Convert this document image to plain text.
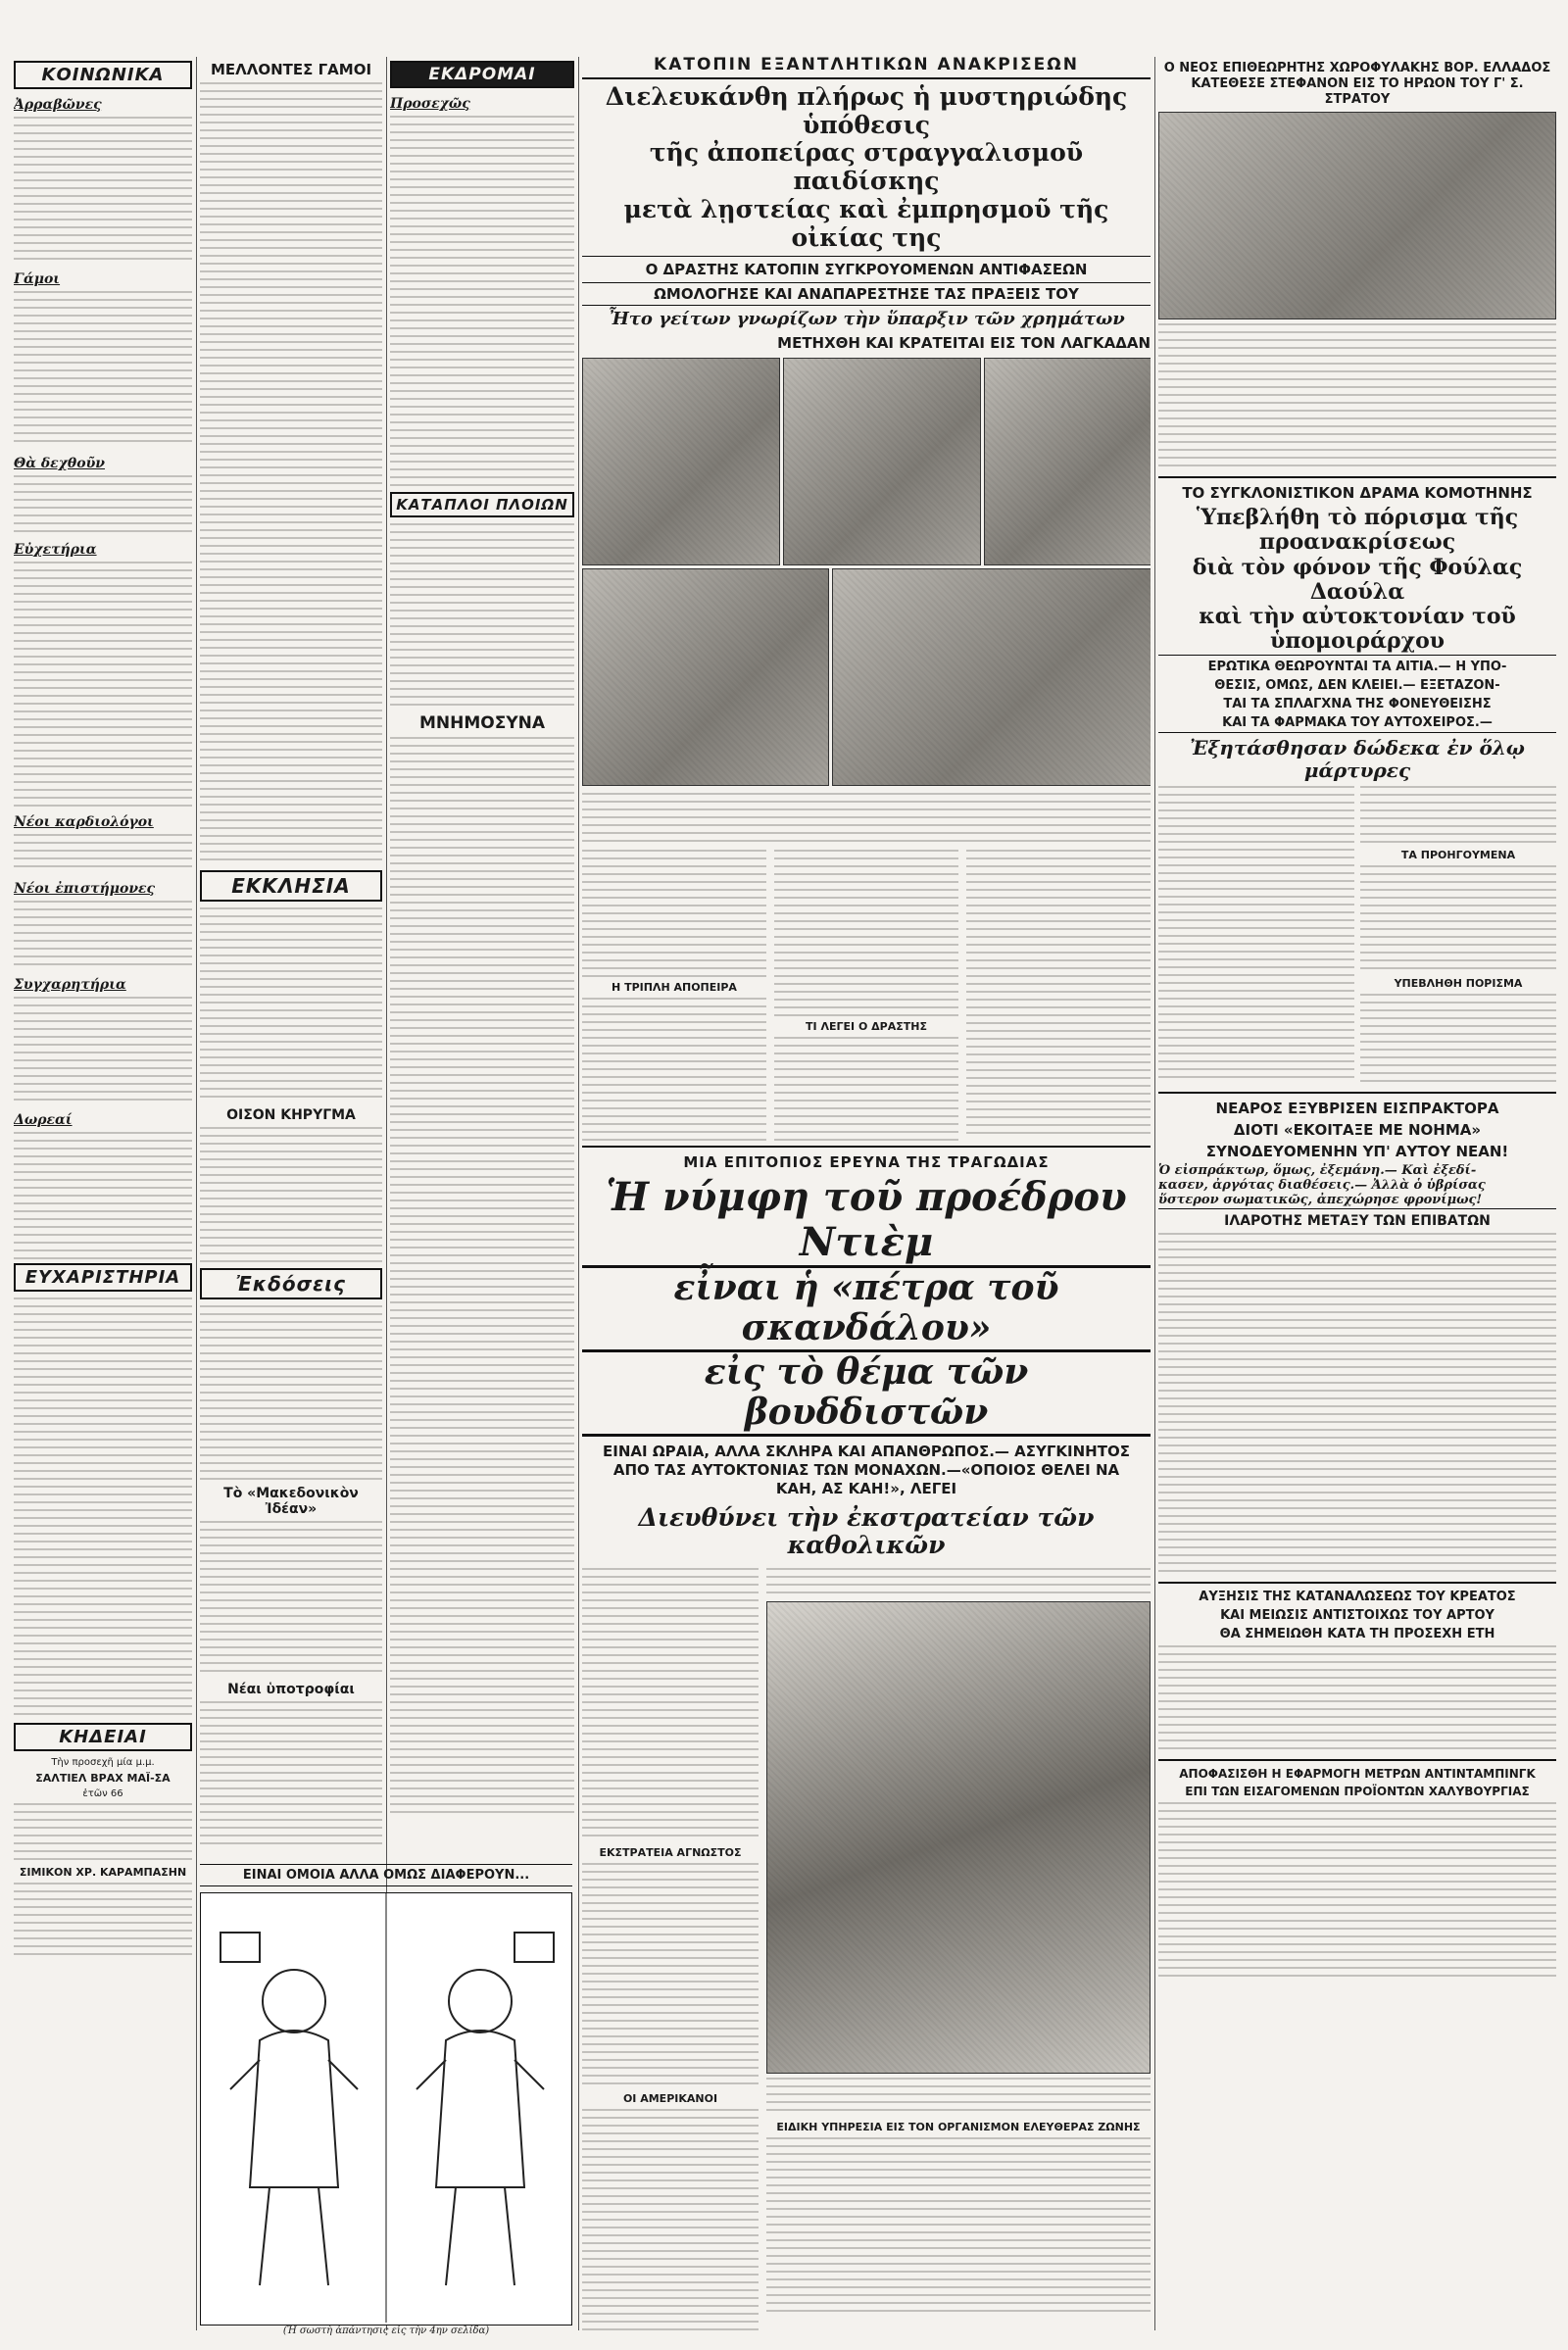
ΚΟΙΝΩΝΙΚΑ
Ἀρραβῶνες
Γάμοι
Θὰ δεχθοῦν
Εὐχετήρια
Νέοι καρδιολόγοι
Νέοι ἐπιστήμονες
Συγχαρητήρια
Δωρεαί
ΕΥΧΑΡΙΣΤΗΡΙΑ
ΚΗΔΕΙΑΙ
Τὴν προσεχῆ μία μ.μ.
ΣΑΛΤΙΕΛ ΒΡΑΧ ΜΑΪ-ΣΑ
ἐτῶν 66
ΣΙΜΙΚΟΝ ΧΡ. ΚΑΡΑΜΠΑΣΗΝ
ΜΕΛΛΟΝΤΕΣ ΓΑΜΟΙ
ΕΚΚΛΗΣΙΑ
ΟΙΣΟΝ ΚΗΡΥΓΜΑ
Ἐκδόσεις
Τὸ «Μακεδονικὸν Ἰδέαν»
Νέαι ὑποτροφίαι
ΕΙΝΑΙ ΟΜΟΙΑ ΑΛΛΑ ΟΜΩΣ ΔΙΑΦΕΡΟΥΝ...
(Ἡ σωστὴ ἀπάντησις εἰς τὴν 4ην σελίδα)
ΕΚΔΡΟΜΑΙ
Προσεχῶς
ΚΑΤΑΠΛΟΙ ΠΛΟΙΩΝ
ΜΝΗΜΟΣΥΝΑ
ΚΑΤΟΠΙΝ ΕΞΑΝΤΛΗΤΙΚΩΝ ΑΝΑΚΡΙΣΕΩΝ
Διελευκάνθη πλήρως ἡ μυστηριώδης ὑπόθεσις
τῆς ἀποπείρας στραγγαλισμοῦ παιδίσκης
μετὰ λῃστείας καὶ ἐμπρησμοῦ τῆς οἰκίας της
Ο ΔΡΑΣΤΗΣ ΚΑΤΟΠΙΝ ΣΥΓΚΡΟΥΟΜΕΝΩΝ ΑΝΤΙΦΑΣΕΩΝ
ΩΜΟΛΟΓΗΣΕ ΚΑΙ ΑΝΑΠΑΡΕΣΤΗΣΕ ΤΑΣ ΠΡΑΞΕΙΣ ΤΟΥ
Ἦτο γείτων γνωρίζων τὴν ὕπαρξιν τῶν χρημάτων
ΜΕΤΗΧΘΗ ΚΑΙ ΚΡΑΤΕΙΤΑΙ ΕΙΣ ΤΟΝ ΛΑΓΚΑΔΑΝ
Η ΤΡΙΠΛΗ ΑΠΟΠΕΙΡΑ
ΤΙ ΛΕΓΕΙ Ο ΔΡΑΣΤΗΣ
ΜΙΑ ΕΠΙΤΟΠΙΟΣ ΕΡΕΥΝΑ ΤΗΣ ΤΡΑΓΩΔΙΑΣ
Ἡ νύμφη τοῦ προέδρου Ντιὲμ
εἶναι ἡ «πέτρα τοῦ σκανδάλου»
εἰς τὸ θέμα τῶν βουδδιστῶν
ΕΙΝΑΙ ΩΡΑΙΑ, ΑΛΛΑ ΣΚΛΗΡΑ ΚΑΙ ΑΠΑΝΘΡΩΠΟΣ.— ΑΣΥΓΚΙΝΗΤΟΣ ΑΠΟ ΤΑΣ ΑΥΤΟΚΤΟΝΙΑΣ ΤΩΝ ΜΟΝΑΧΩΝ.—«ΟΠΟΙΟΣ ΘΕΛΕΙ ΝΑ ΚΑΗ, ΑΣ ΚΑΗ!», ΛΕΓΕΙ
Διευθύνει τὴν ἐκστρατείαν τῶν καθολικῶν
ΕΚΣΤΡΑΤΕΙΑ ΑΓΝΩΣΤΟΣ
ΟΙ ΑΜΕΡΙΚΑΝΟΙ
ΕΙΔΙΚΗ ΥΠΗΡΕΣΙΑ ΕΙΣ ΤΟΝ ΟΡΓΑΝΙΣΜΟΝ ΕΛΕΥΘΕΡΑΣ ΖΩΝΗΣ
Ο ΝΕΟΣ ΕΠΙΘΕΩΡΗΤΗΣ ΧΩΡΟΦΥΛΑΚΗΣ ΒΟΡ. ΕΛΛΑΔΟΣ ΚΑΤΕΘΕΣΕ ΣΤΕΦΑΝΟΝ ΕΙΣ ΤΟ ΗΡΩΟΝ ΤΟΥ Γ' Σ. ΣΤΡΑΤΟΥ
ΤΟ ΣΥΓΚΛΟΝΙΣΤΙΚΟΝ ΔΡΑΜΑ ΚΟΜΟΤΗΝΗΣ
Ὑπεβλήθη τὸ πόρισμα τῆς προανακρίσεως
διὰ τὸν φόνον τῆς Φούλας Δαούλα
καὶ τὴν αὐτοκτονίαν τοῦ ὑπομοιράρχου
ΕΡΩΤΙΚΑ ΘΕΩΡΟΥΝΤΑΙ ΤΑ ΑΙΤΙΑ.— Η ΥΠΟ-
ΘΕΣΙΣ, ΟΜΩΣ, ΔΕΝ ΚΛΕΙΕΙ.— ΕΞΕΤΑΖΟΝ-
ΤΑΙ ΤΑ ΣΠΛΑΓΧΝΑ ΤΗΣ ΦΟΝΕΥΘΕΙΣΗΣ
ΚΑΙ ΤΑ ΦΑΡΜΑΚΑ ΤΟΥ ΑΥΤΟΧΕΙΡΟΣ.—
Ἐξητάσθησαν δώδεκα ἐν ὅλῳ μάρτυρες
ΤΑ ΠΡΟΗΓΟΥΜΕΝΑ
ΥΠΕΒΛΗΘΗ ΠΟΡΙΣΜΑ
ΝΕΑΡΟΣ ΕΞΥΒΡΙΣΕΝ ΕΙΣΠΡΑΚΤΟΡΑ
ΔΙΟΤΙ «ΕΚΟΙΤΑΞΕ ΜΕ ΝΟΗΜΑ»
ΣΥΝΟΔΕΥΟΜΕΝΗΝ ΥΠ' ΑΥΤΟΥ ΝΕΑΝ!
Ὁ εἰσπράκτωρ, ὅμως, ἐξεμάνη.— Καὶ ἐξεδί-
κασεν, ἀργότας διαθέσεις.— Ἀλλὰ ὁ ὑβρίσας
ὕστερον σωματικῶς, ἀπεχώρησε φρονίμως!
ΙΛΑΡΟΤΗΣ ΜΕΤΑΞΥ ΤΩΝ ΕΠΙΒΑΤΩΝ
ΑΥΞΗΣΙΣ ΤΗΣ ΚΑΤΑΝΑΛΩΣΕΩΣ ΤΟΥ ΚΡΕΑΤΟΣ
ΚΑΙ ΜΕΙΩΣΙΣ ΑΝΤΙΣΤΟΙΧΩΣ ΤΟΥ ΑΡΤΟΥ
ΘΑ ΣΗΜΕΙΩΘΗ ΚΑΤΑ ΤΗ ΠΡΟΣΕΧΗ ΕΤΗ
ΑΠΟΦΑΣΙΣΘΗ Η ΕΦΑΡΜΟΓΗ ΜΕΤΡΩΝ ΑΝΤΙΝΤΑΜΠΙΝΓΚ
ΕΠΙ ΤΩΝ ΕΙΣΑΓΟΜΕΝΩΝ ΠΡΟΪΟΝΤΩΝ ΧΑΛΥΒΟΥΡΓΙΑΣ
